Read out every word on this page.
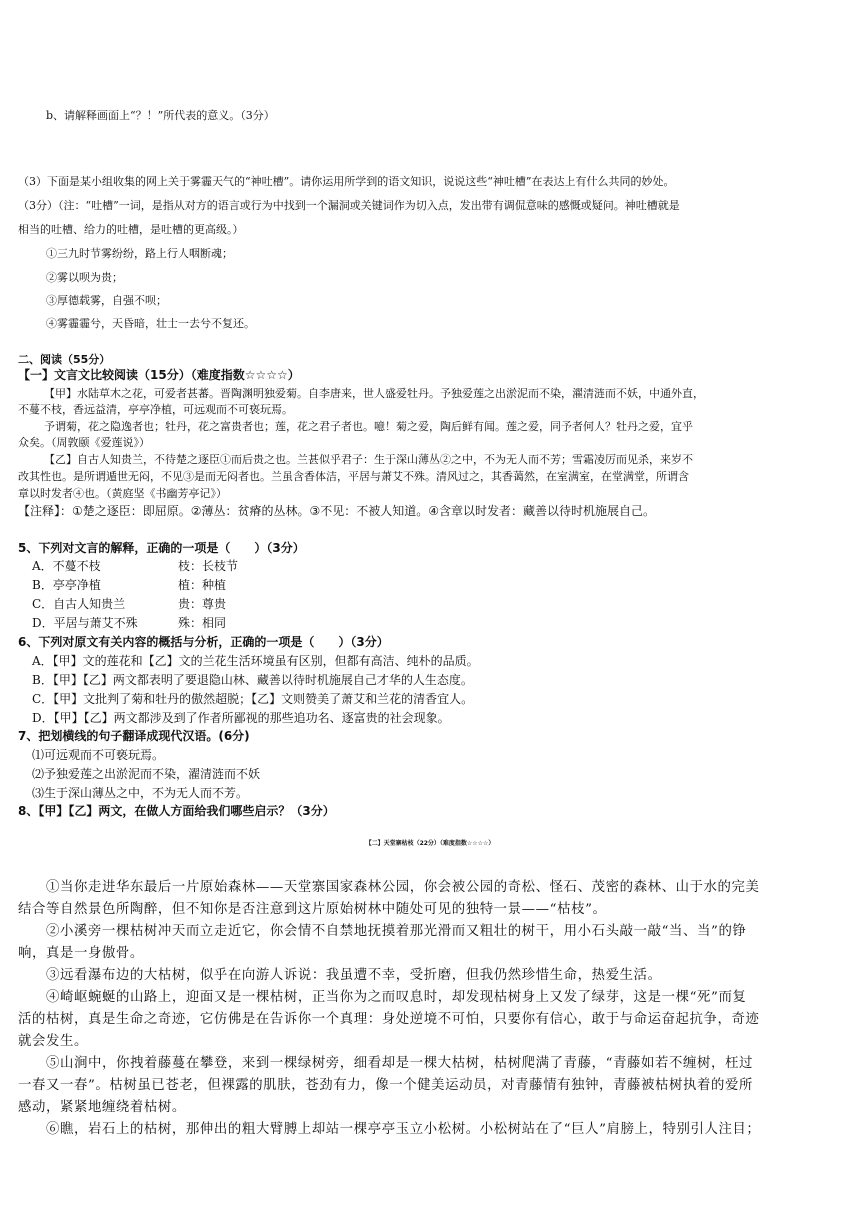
b、请解释画面上“？！”所代表的意义。（3分）
（3）下面是某小组收集的网上关于雾霾天气的“神吐槽”。请你运用所学到的语文知识，说说这些“神吐槽”在表达上有什么共同的妙处。
（3分）（注：“吐槽”一词，是指从对方的语言或行为中找到一个漏洞或关键词作为切入点，发出带有调侃意味的感慨或疑问。神吐槽就是
相当的吐槽、给力的吐槽，是吐槽的更高级。）
①三九时节雾纷纷，路上行人咽断魂；
②雾以呗为贵；
③厚德载雾，自强不呗；
④雾霾霾兮，天昏暗，壮士一去兮不复还。
二、阅读（55分）
【一】文言文比较阅读（15分）（难度指数☆☆☆☆）
【甲】水陆草木之花，可爱者甚蕃。晋陶渊明独爱菊。自李唐来，世人盛爱牡丹。予独爱莲之出淤泥而不染，濯清涟而不妖，中通外直，
不蔓不枝，香远益清，亭亭净植，可远观而不可亵玩焉。
予谓菊，花之隐逸者也；牡丹，花之富贵者也；莲，花之君子者也。噫！菊之爱，陶后鲜有闻。莲之爱，同予者何人？牡丹之爱，宜乎
众矣。（周敦颐《爱莲说》）
【乙】自古人知贵兰，不待楚之逐臣①而后贵之也。兰甚似乎君子：生于深山薄丛②之中，不为无人而不芳；雪霜凌厉而见杀，来岁不
改其性也。是所谓遁世无闷，不见③是而无闷者也。兰虽含香体洁，平居与萧艾不殊。清风过之，其香蔼然，在室满室，在堂满堂，所谓含
章以时发者④也。（黄庭坚《书幽芳亭记》）
【注释】：①楚之逐臣：即屈原。②薄丛：贫瘠的丛林。③不见：不被人知道。④含章以时发者：藏善以待时机施展自己。
5、下列对文言的解释，正确的一项是（　　）（3分）
A．不蔓不枝	枝：长枝节
B．亭亭净植	植：种植
C．自古人知贵兰	贵：尊贵
D．平居与萧艾不殊	殊：相同
6、下列对原文有关内容的概括与分析，正确的一项是（　　）（3分）
A．【甲】文的莲花和【乙】文的兰花生活环境虽有区别，但都有高洁、纯朴的品质。
B．【甲】【乙】两文都表明了要退隐山林、藏善以待时机施展自己才华的人生态度。
C．【甲】文批判了菊和牡丹的傲然超脱；【乙】文则赞美了萧艾和兰花的清香宜人。
D．【甲】【乙】两文都涉及到了作者所鄙视的那些追功名、逐富贵的社会现象。
7、把划横线的句子翻译成现代汉语。(6分)
⑴可远观而不可亵玩焉。
⑵予独爱莲之出淤泥而不染，濯清涟而不妖
⑶生于深山薄丛之中，不为无人而不芳。
8、【甲】【乙】两文，在做人方面给我们哪些启示？（3分）
【二】天堂寨枯枝（22分）（难度指数☆☆☆☆）
①当你走进华东最后一片原始森林——天堂寨国家森林公园，你会被公园的奇松、怪石、茂密的森林、山于水的完美
结合等自然景色所陶醉，但不知你是否注意到这片原始树林中随处可见的独特一景——“枯枝”。
②小溪旁一棵枯树冲天而立走近它，你会情不自禁地抚摸着那光滑而又粗壮的树干，用小石头敲一敲“当、当”的铮
响，真是一身傲骨。
③远看瀑布边的大枯树，似乎在向游人诉说：我虽遭不幸，受折磨，但我仍然珍惜生命，热爱生活。
④崎岖蜿蜒的山路上，迎面又是一棵枯树，正当你为之而叹息时，却发现枯树身上又发了绿芽，这是一棵“死”而复
活的枯树，真是生命之奇迹，它仿佛是在告诉你一个真理：身处逆境不可怕，只要你有信心，敢于与命运奋起抗争，奇迹
就会发生。
⑤山涧中，你拽着藤蔓在攀登，来到一棵绿树旁，细看却是一棵大枯树，枯树爬满了青藤，“青藤如若不缠树，枉过
一春又一春”。枯树虽已苍老，但裸露的肌肤，苍劲有力，像一个健美运动员，对青藤情有独钟，青藤被枯树执着的爱所
感动，紧紧地缠绕着枯树。
⑥瞧，岩石上的枯树，那伸出的粗大臂膊上却站一棵亭亭玉立小松树。小松树站在了“巨人”肩膀上，特别引人注目；
